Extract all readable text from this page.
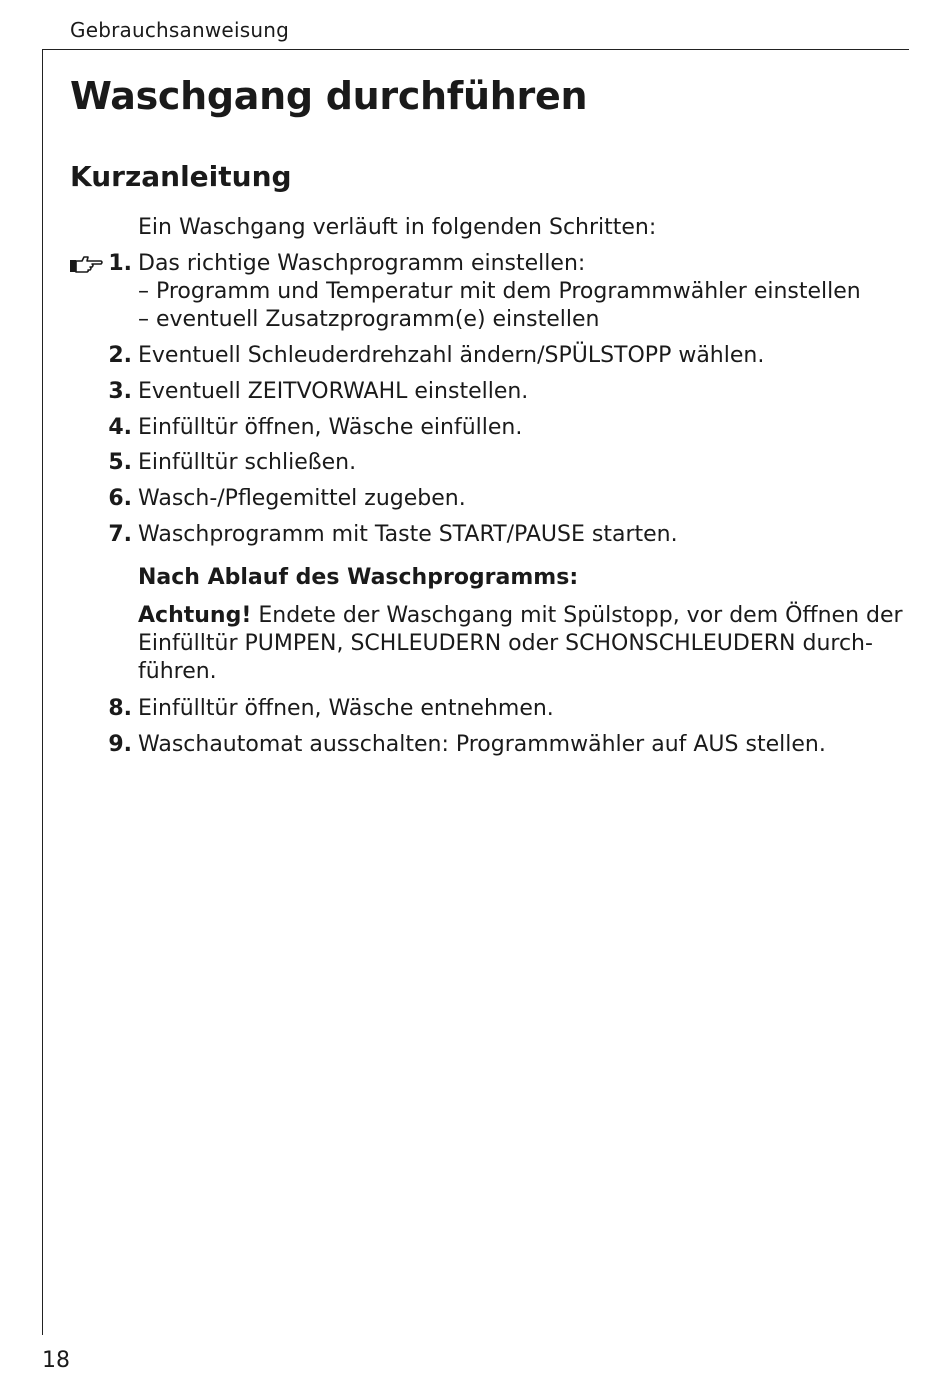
Gebrauchsanweisung
Waschgang durchführen
Kurzanleitung
Ein Waschgang verläuft in folgenden Schritten:
1. Das richtige Waschprogramm einstellen:
– Programm und Temperatur mit dem Programmwähler einstellen
– eventuell Zusatzprogramm(e) einstellen
2. Eventuell Schleuderdrehzahl ändern/SPÜLSTOPP wählen.
3. Eventuell ZEITVORWAHL einstellen.
4. Einfülltür öffnen, Wäsche einfüllen.
5. Einfülltür schließen.
6. Wasch-/Pflegemittel zugeben.
7. Waschprogramm mit Taste START/PAUSE starten.
Nach Ablauf des Waschprogramms:
Achtung! Endete der Waschgang mit Spülstopp, vor dem Öffnen der
Einfülltür PUMPEN, SCHLEUDERN oder SCHONSCHLEUDERN durch-
führen.
8. Einfülltür öffnen, Wäsche entnehmen.
9. Waschautomat ausschalten: Programmwähler auf AUS stellen.
18
